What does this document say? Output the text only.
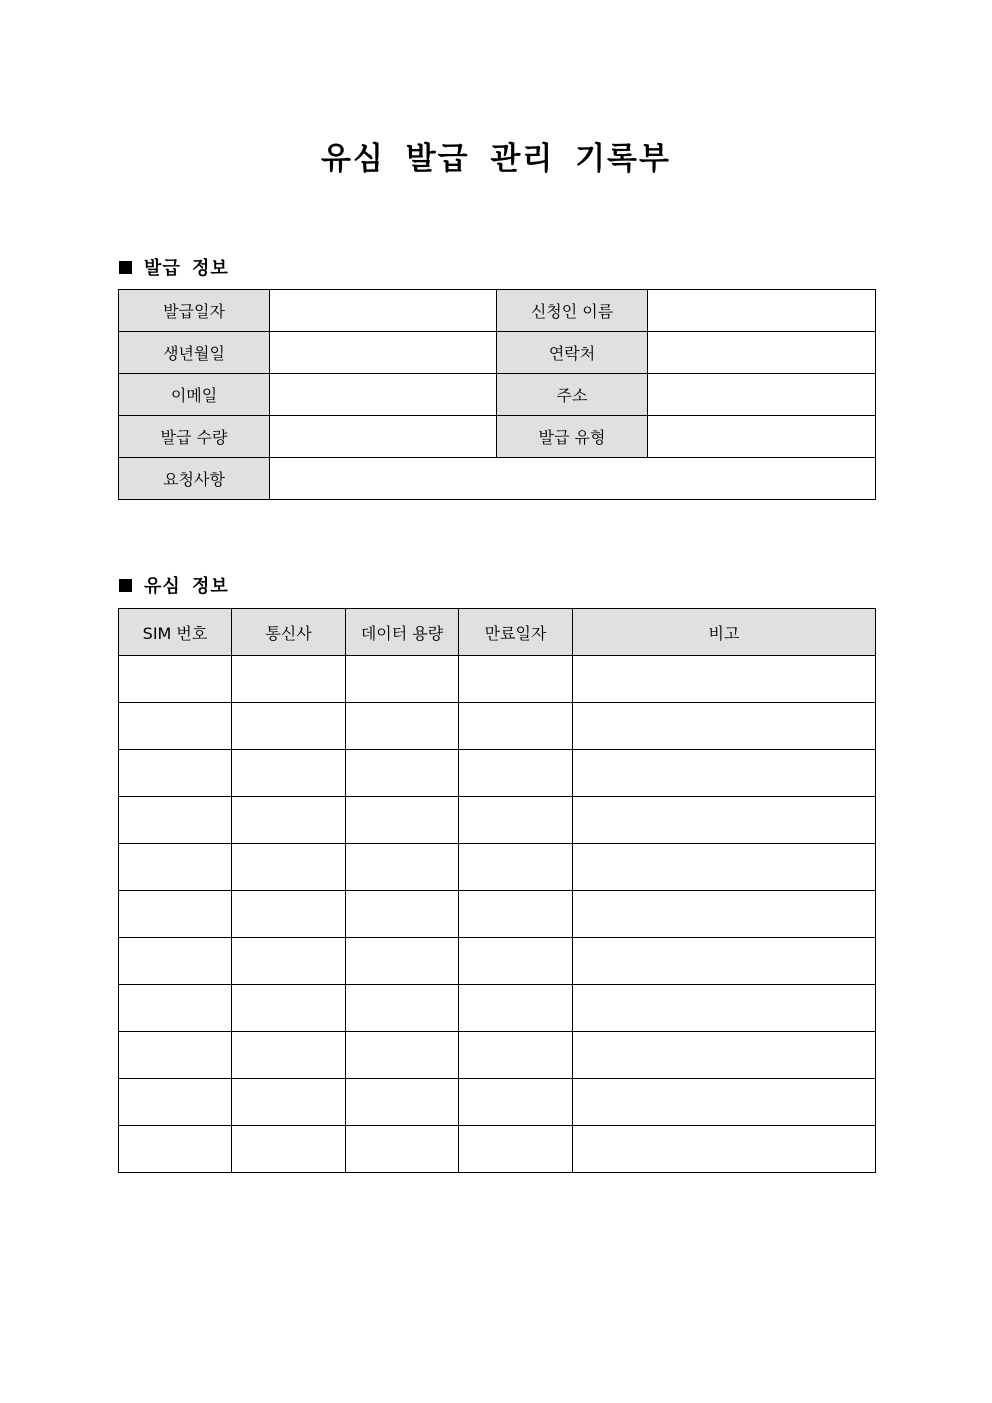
유심 발급 관리 기록부
발급 정보
발급일자		신청인 이름	
생년월일		연락처	
이메일		주소	
발급 수량		발급 유형	
요청사항			
유심 정보
SIM 번호	통신사	데이터 용량	만료일자	비고
